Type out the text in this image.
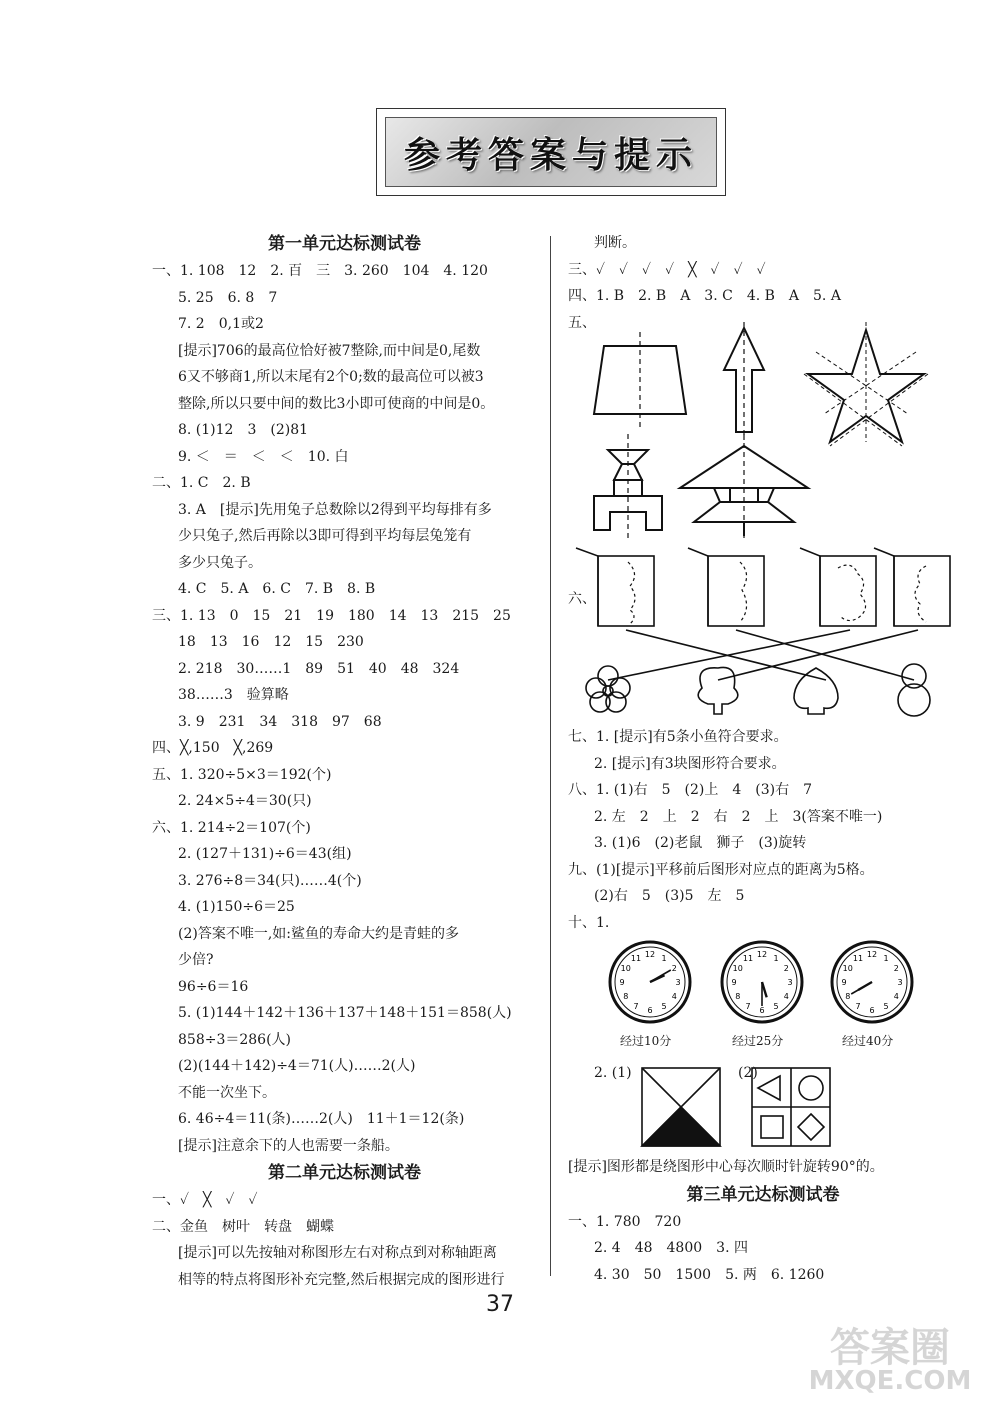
参考答案与提示
第一单元达标测试卷
一、1. 108　12　2. 百　三　3. 260　104　4. 120
5. 25　6. 8　7
7. 2　0,1或2
[提示]706的最高位恰好被7整除,而中间是0,尾数
6又不够商1,所以末尾有2个0;数的最高位可以被3
整除,所以只要中间的数比3小即可使商的中间是0。
8. (1)12　3　(2)81
9. ＜　＝　＜　＜　10. 白
二、1. C　2. B
3. A　[提示]先用兔子总数除以2得到平均每排有多
少只兔子,然后再除以3即可得到平均每层兔笼有
多少只兔子。
4. C　5. A　6. C　7. B　8. B
三、1. 13　0　15　21　19　180　14　13　215　25
18　13　16　12　15　230
2. 218　30……1　89　51　40　48　324
38……3　验算略
3. 9　231　34　318　97　68
四、╳,150　╳,269
五、1. 320÷5×3＝192(个)
2. 24×5÷4＝30(只)
六、1. 214÷2＝107(个)
2. (127＋131)÷6＝43(组)
3. 276÷8＝34(只)……4(个)
4. (1)150÷6＝25
(2)答案不唯一,如:鲨鱼的寿命大约是青蛙的多
少倍?
96÷6＝16
5. (1)144＋142＋136＋137＋148＋151＝858(人)
858÷3＝286(人)
(2)(144＋142)÷4＝71(人)……2(人)
不能一次坐下。
6. 46÷4＝11(条)……2(人)　11＋1＝12(条)
[提示]注意余下的人也需要一条船。
第二单元达标测试卷
一、✓　╳　✓　✓
二、金鱼　树叶　转盘　蝴蝶
[提示]可以先按轴对称图形左右对称点到对称轴距离
相等的特点将图形补充完整,然后根据完成的图形进行
判断。
三、✓　✓　✓　✓　╳　✓　✓　✓
四、1. B　2. B　A　3. C　4. B　A　5. A
五、
六、
七、1. [提示]有5条小鱼符合要求。
2. [提示]有3块图形符合要求。
八、1. (1)右　5　(2)上　4　(3)右　7
2. 左　2　上　2　右　2　上　3(答案不唯一)
3. (1)6　(2)老鼠　狮子　(3)旋转
九、(1)[提示]平移前后图形对应点的距离为5格。
(2)右　5　(3)5　左　5
十、1.
1
2
3
4
5
6
7
8
9
10
11 12	1
2
3
4
5
6
7
8
9
10
11 12	1
2
3
4
5
6
7
8
9
10
11 12
经过10分	经过25分	经过40分
2. (1)	(2)
[提示]图形都是绕图形中心每次顺时针旋转90°的。
第三单元达标测试卷
一、1. 780　720
2. 4　48　4800　3. 四
4. 30　50　1500　5. 两　6. 1260
37
答案圈
MXQE.COM
